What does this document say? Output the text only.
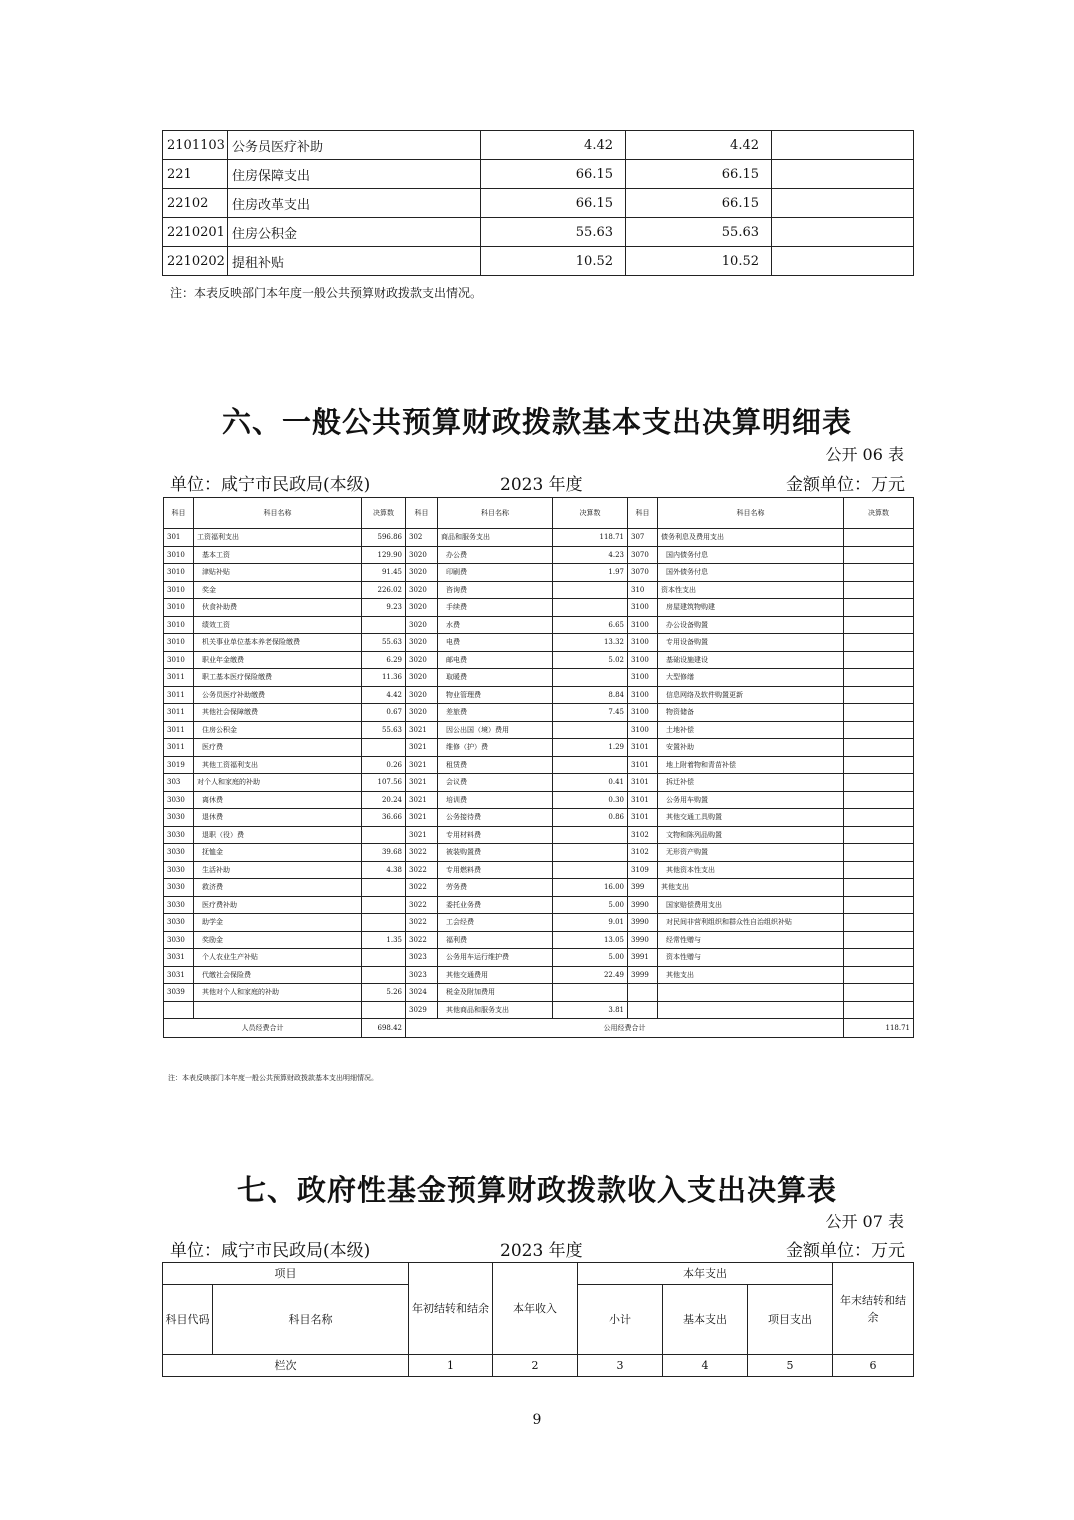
2101103	公务员医疗补助	4.42	4.42	
221	住房保障支出	66.15	66.15	
22102	住房改革支出	66.15	66.15	
2210201	住房公积金	55.63	55.63	
2210202	提租补贴	10.52	10.52	
注：本表反映部门本年度一般公共预算财政拨款支出情况。
六、一般公共预算财政拨款基本支出决算明细表
公开 06 表
单位：咸宁市民政局(本级)	2023 年度	金额单位：万元
科目	科目名称	决算数	科目	科目名称	决算数	科目	科目名称	决算数
301	工资福利支出	596.86	302	商品和服务支出	118.71	307	债务利息及费用支出	
3010	基本工资	129.90	3020	办公费	4.23	3070	国内债务付息	
3010	津贴补贴	91.45	3020	印刷费	1.97	3070	国外债务付息	
3010	奖金	226.02	3020	咨询费		310	资本性支出	
3010	伙食补助费	9.23	3020	手续费		3100	房屋建筑物购建	
3010	绩效工资		3020	水费	6.65	3100	办公设备购置	
3010	机关事业单位基本养老保险缴费	55.63	3020	电费	13.32	3100	专用设备购置	
3010	职业年金缴费	6.29	3020	邮电费	5.02	3100	基础设施建设	
3011	职工基本医疗保险缴费	11.36	3020	取暖费		3100	大型修缮	
3011	公务员医疗补助缴费	4.42	3020	物业管理费	8.84	3100	信息网络及软件购置更新	
3011	其他社会保障缴费	0.67	3020	差旅费	7.45	3100	物资储备	
3011	住房公积金	55.63	3021	因公出国（境）费用		3100	土地补偿	
3011	医疗费		3021	维修（护）费	1.29	3101	安置补助	
3019	其他工资福利支出	0.26	3021	租赁费		3101	地上附着物和青苗补偿	
303	对个人和家庭的补助	107.56	3021	会议费	0.41	3101	拆迁补偿	
3030	离休费	20.24	3021	培训费	0.30	3101	公务用车购置	
3030	退休费	36.66	3021	公务接待费	0.86	3101	其他交通工具购置	
3030	退职（役）费		3021	专用材料费		3102	文物和陈列品购置	
3030	抚恤金	39.68	3022	被装购置费		3102	无形资产购置	
3030	生活补助	4.38	3022	专用燃料费		3109	其他资本性支出	
3030	救济费		3022	劳务费	16.00	399	其他支出	
3030	医疗费补助		3022	委托业务费	5.00	3990	国家赔偿费用支出	
3030	助学金		3022	工会经费	9.01	3990	对民间非营利组织和群众性自治组织补贴	
3030	奖励金	1.35	3022	福利费	13.05	3990	经常性赠与	
3031	个人农业生产补贴		3023	公务用车运行维护费	5.00	3991	资本性赠与	
3031	代缴社会保险费		3023	其他交通费用	22.49	3999	其他支出	
3039	其他对个人和家庭的补助	5.26	3024	税金及附加费用				
			3029	其他商品和服务支出	3.81			
人员经费合计		698.42	公用经费合计					118.71
注：本表反映部门本年度一般公共预算财政拨款基本支出明细情况。
七、政府性基金预算财政拨款收入支出决算表
公开 07 表
单位：咸宁市民政局(本级)	2023 年度	金额单位：万元
项目		年初结转和结余	本年收入	本年支出			年末结转和结余
科目代码	科目名称			小计	基本支出	项目支出	
栏次		1	2	3	4	5	6
9
